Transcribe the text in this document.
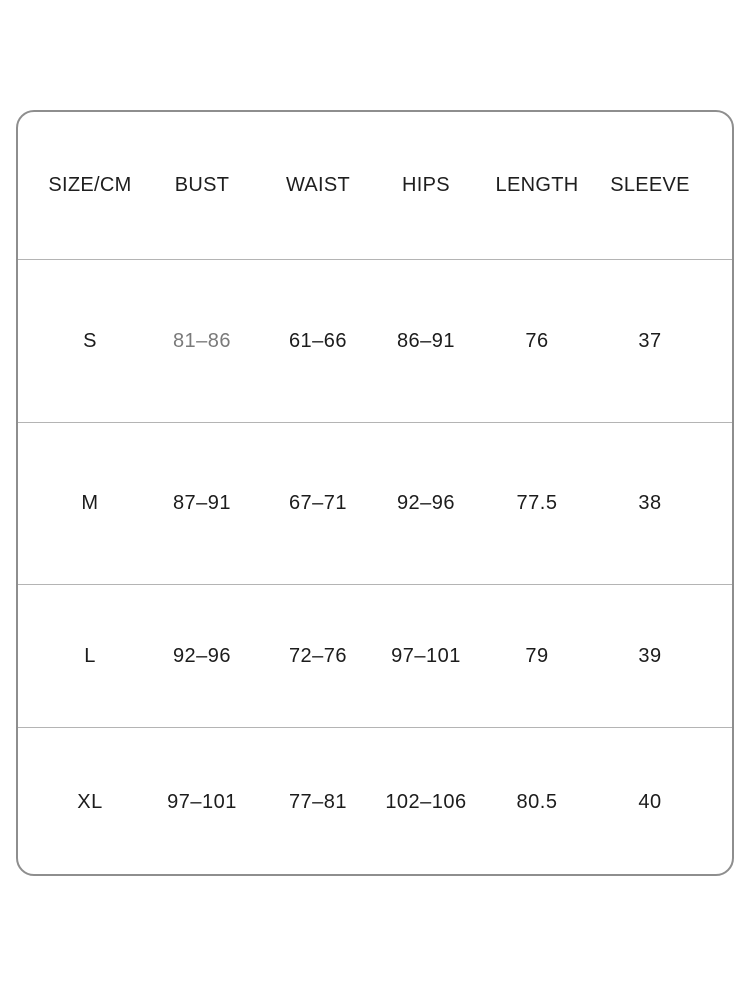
SIZE/CM	BUST	WAIST	HIPS	LENGTH	SLEEVE
S	81–86	61–66	86–91	76	37
M	87–91	67–71	92–96	77.5	38
L	92–96	72–76	97–101	79	39
XL	97–101	77–81	102–106	80.5	40
